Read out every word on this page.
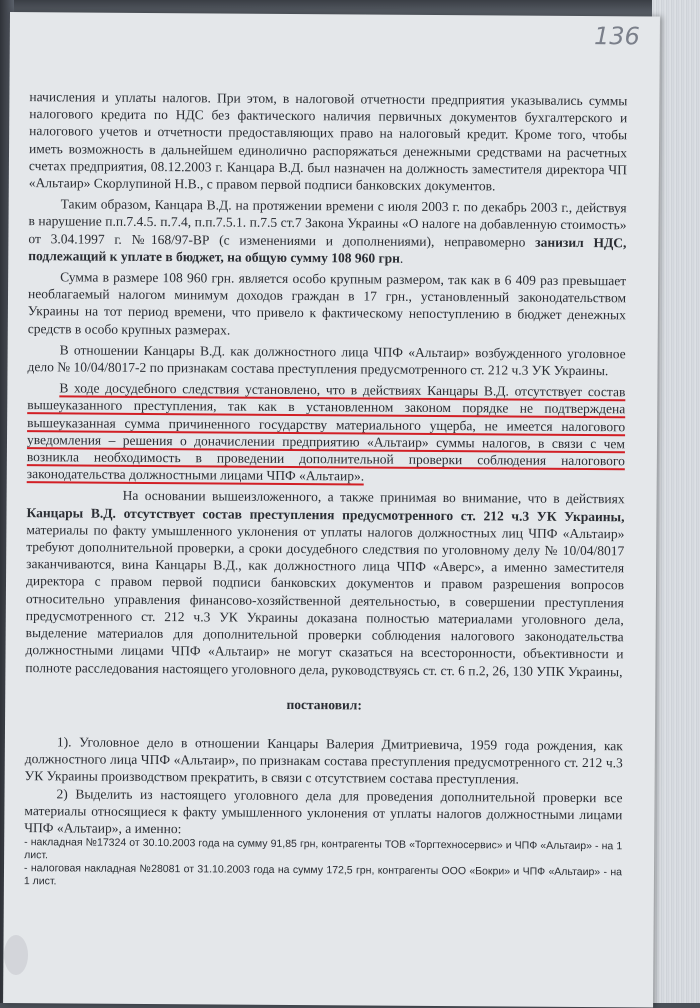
136

начисления и уплаты налогов. При этом, в налоговой отчетности предприятия указывались суммы налогового кредита по НДС без фактического наличия первичных документов бухгалтерского и налогового учетов и отчетности предоставляющих право на налоговый кредит. Кроме того, чтобы иметь возможность в дальнейшем единолично распоряжаться денежными средствами на расчетных счетах предприятия, 08.12.2003 г. Канцара В.Д. был назначен на должность заместителя директора ЧП «Альтаир» Скорлупиной Н.В., с правом первой подписи банковских документов.

Таким образом, Канцара В.Д. на протяжении времени с июля 2003 г. по декабрь 2003 г., действуя в нарушение п.п.7.4.5. п.7.4, п.п.7.5.1. п.7.5 ст.7 Закона Украины «О налоге на добавленную стоимость» от 3.04.1997 г. №168/97-ВР (с изменениями и дополнениями), неправомерно занизил НДС, подлежащий к уплате в бюджет, на общую сумму 108 960 грн.

Сумма в размере 108 960 грн. является особо крупным размером, так как в 6 409 раз превышает необлагаемый налогом минимум доходов граждан в 17 грн., установленный законодательством Украины на тот период времени, что привело к фактическому непоступлению в бюджет денежных средств в особо крупных размерах.

В отношении Канцары В.Д. как должностного лица ЧПФ «Альтаир» возбужденного уголовное дело № 10/04/8017-2 по признакам состава преступления предусмотренного ст. 212 ч.3 УК Украины.

В ходе досудебного следствия установлено, что в действиях Канцары В.Д. отсутствует состав вышеуказанного преступления, так как в установленном законом порядке не подтверждена вышеуказанная сумма причиненного государству материального ущерба, не имеется налогового уведомления – решения о доначислении предприятию «Альтаир» суммы налогов, в связи с чем возникла необходимость в проведении дополнительной проверки соблюдения налогового законодательства должностными лицами ЧПФ «Альтаир».

На основании вышеизложенного, а также принимая во внимание, что в действиях Канцары В.Д. отсутствует состав преступления предусмотренного ст. 212 ч.3 УК Украины, материалы по факту умышленного уклонения от уплаты налогов должностных лиц ЧПФ «Альтаир» требуют дополнительной проверки, а сроки досудебного следствия по уголовному делу № 10/04/8017 заканчиваются, вина Канцары В.Д., как должностного лица ЧПФ «Аверс», а именно заместителя директора с правом первой подписи банковских документов и правом разрешения вопросов относительно управления финансово-хозяйственной деятельностью, в совершении преступления предусмотренного ст. 212 ч.3 УК Украины доказана полностью материалами уголовного дела, выделение материалов для дополнительной проверки соблюдения налогового законодательства должностными лицами ЧПФ «Альтаир» не могут сказаться на всесторонности, объективности и полноте расследования настоящего уголовного дела, руководствуясь ст. ст. 6 п.2, 26, 130 УПК Украины,

постановил:

1). Уголовное дело в отношении Канцары Валерия Дмитриевича, 1959 года рождения, как должностного лица ЧПФ «Альтаир», по признакам состава преступления предусмотренного ст. 212 ч.3 УК Украины производством прекратить, в связи с отсутствием состава преступления.

2) Выделить из настоящего уголовного дела для проведения дополнительной проверки все материалы относящиеся к факту умышленного уклонения от уплаты налогов должностными лицами ЧПФ «Альтаир», а именно:

- накладная №17324 от 30.10.2003 года на сумму 91,85 грн, контрагенты ТОВ «Торгтехносервис» и ЧПФ «Альтаир» - на 1 лист.

- налоговая накладная №28081 от 31.10.2003 года на сумму 172,5 грн, контрагенты ООО «Бокри» и ЧПФ «Альтаир» - на 1 лист.
